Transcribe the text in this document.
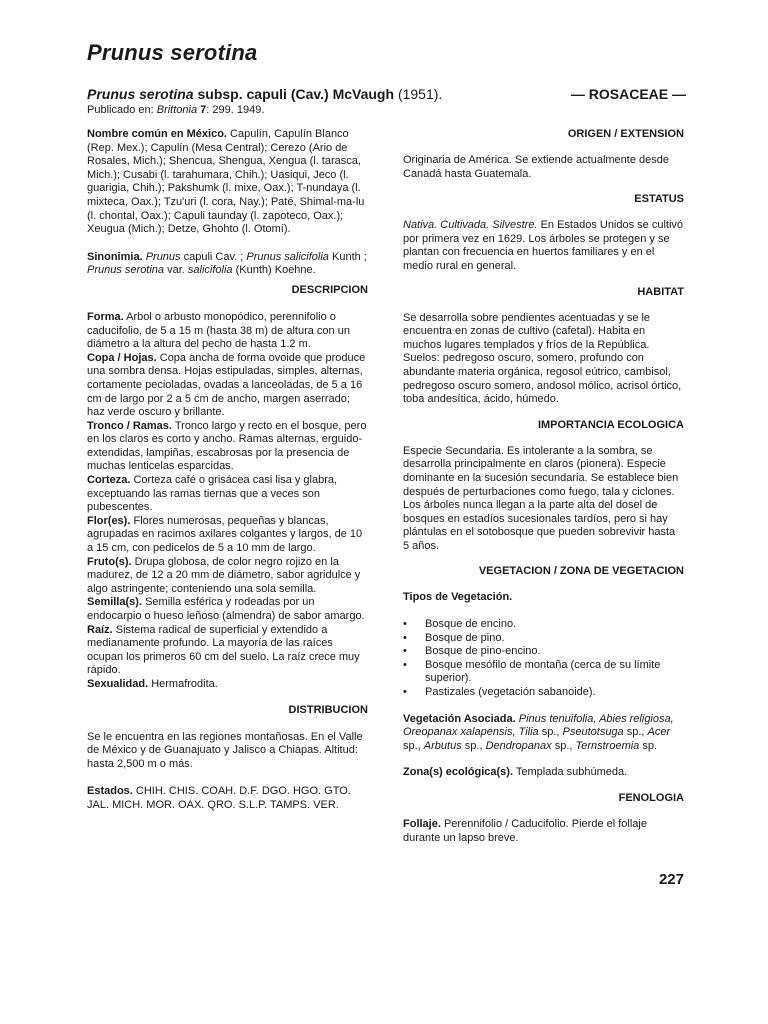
Prunus serotina
Prunus serotina subsp. capuli (Cav.) McVaugh (1951).	— ROSACEAE —
Publicado en: Brittonia 7: 299. 1949.

Nombre común en México. Capulín, Capulín Blanco (Rep. Mex.); Capulín (Mesa Central); Cerezo (Ario de Rosales, Mich.); Shencua, Shengua, Xengua (l. tarasca, Mich.); Cusabi (l. tarahumara, Chih.); Uasiqui, Jeco (l. guarigia, Chih.); Pakshumk (l. mixe, Oax.); T-nundaya (l. mixteca, Oax.); Tzu'uri (l. cora, Nay.); Paté, Shimal-ma-lu (l. chontal, Oax.); Capuli taunday (l. zapoteco, Oax.); Xeugua (Mich.); Detze, Ghohto (l. Otomí).

Sinonimia. Prunus capuli Cav. ; Prunus salicifolia Kunth ; Prunus serotina var. salicifolia (Kunth) Koehne.

DESCRIPCION

Forma. Arbol o arbusto monopódico, perennifolio o caducifolio, de 5 a 15 m (hasta 38 m) de altura con un diámetro a la altura del pecho de hasta 1.2 m.

Copa / Hojas. Copa ancha de forma ovoide que produce una sombra densa. Hojas estipuladas, simples, alternas, cortamente pecioladas, ovadas a lanceoladas, de 5 a 16 cm de largo por 2 a 5 cm de ancho, margen aserrado; haz verde oscuro y brillante.

Tronco / Ramas. Tronco largo y recto en el bosque, pero en los claros es corto y ancho. Ramas alternas, erguido-extendidas, lampiñas, escabrosas por la presencia de muchas lenticelas esparcidas.

Corteza. Corteza café o grisácea casi lisa y glabra, exceptuando las ramas tiernas que a veces son pubescentes.

Flor(es). Flores numerosas, pequeñas y blancas, agrupadas en racimos axilares colgantes y largos, de 10 a 15 cm, con pedicelos de 5 a 10 mm de largo.

Fruto(s). Drupa globosa, de color negro rojizo en la madurez, de 12 a 20 mm de diámetro, sabor agridulce y algo astringente; conteniendo una sola semilla.

Semilla(s). Semilla esférica y rodeadas por un endocarpio o hueso leñoso (almendra) de sabor amargo.

Raíz. Sistema radical de superficial y extendido a medianamente profundo. La mayoría de las raíces ocupan los primeros 60 cm del suelo. La raíz crece muy rápido.

Sexualidad. Hermafrodita.

DISTRIBUCION

Se le encuentra en las regiones montañosas. En el Valle de México y de Guanajuato y Jalisco a Chiapas. Altitud: hasta 2,500 m o más.

Estados. CHIH. CHIS. COAH. D.F. DGO. HGO. GTO. JAL. MICH. MOR. OAX. QRO. S.L.P. TAMPS. VER.

ORIGEN / EXTENSION

Originaria de América. Se extiende actualmente desde Canadá hasta Guatemala.

ESTATUS

Nativa. Cultivada. Silvestre. En Estados Unidos se cultivó por primera vez en 1629. Los árboles se protegen y se plantan con frecuencia en huertos familiares y en el medio rural en general.

HABITAT

Se desarrolla sobre pendientes acentuadas y se le encuentra en zonas de cultivo (cafetal). Habita en muchos lugares templados y fríos de la República. Suelos: pedregoso oscuro, somero, profundo con abundante materia orgánica, regosol eútrico, cambisol, pedregoso oscuro somero, andosol mólico, acrisol órtico, toba andesítica, ácido, húmedo.

IMPORTANCIA ECOLOGICA

Especie Secundaria. Es intolerante a la sombra, se desarrolla principalmente en claros (pionera). Especie dominante en la sucesión secundaria. Se establece bien después de perturbaciones como fuego, tala y ciclones. Los árboles nunca llegan a la parte alta del dosel de bosques en estadíos sucesionales tardíos, pero si hay plántulas en el sotobosque que pueden sobrevivir hasta 5 años.

VEGETACION / ZONA DE VEGETACION

Tipos de Vegetación.

• Bosque de encino.
• Bosque de pino.
• Bosque de pino-encino.
• Bosque mesófilo de montaña (cerca de su límite superior).
• Pastizales (vegetación sabanoide).

Vegetación Asociada. Pinus tenuifolia, Abies religiosa, Oreopanax xalapensis, Tilia sp., Pseutotsuga sp., Acer sp., Arbutus sp., Dendropanax sp., Ternstroemia sp.

Zona(s) ecológica(s). Templada subhúmeda.

FENOLOGIA

Follaje. Perennifolio / Caducifolio. Pierde el follaje durante un lapso breve.

227
